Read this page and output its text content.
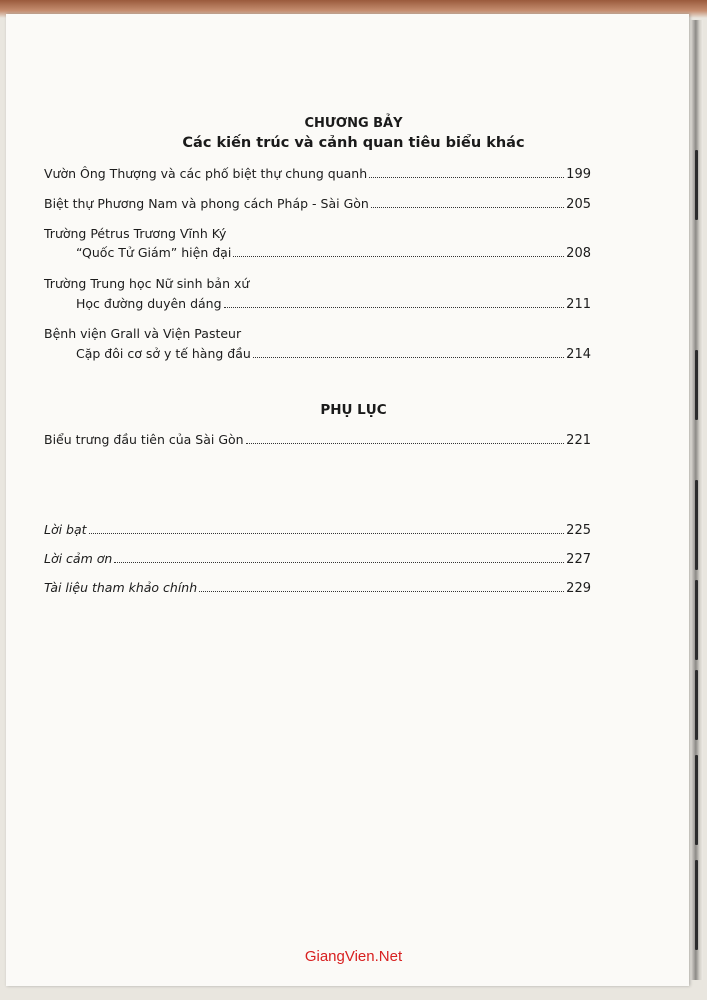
CHƯƠNG BẢY
Các kiến trúc và cảnh quan tiêu biểu khác
Vườn Ông Thượng và các phố biệt thự chung quanh	199
Biệt thự Phương Nam và phong cách Pháp - Sài Gòn	205
Trường Pétrus Trương Vĩnh Ký
“Quốc Tử Giám” hiện đại	208
Trường Trung học Nữ sinh bản xứ
Học đường duyên dáng	211
Bệnh viện Grall và Viện Pasteur
Cặp đôi cơ sở y tế hàng đầu	214
PHỤ LỤC
Biểu trưng đầu tiên của Sài Gòn	221
Lời bạt	225
Lời cảm ơn	227
Tài liệu tham khảo chính	229
GiangVien.Net
